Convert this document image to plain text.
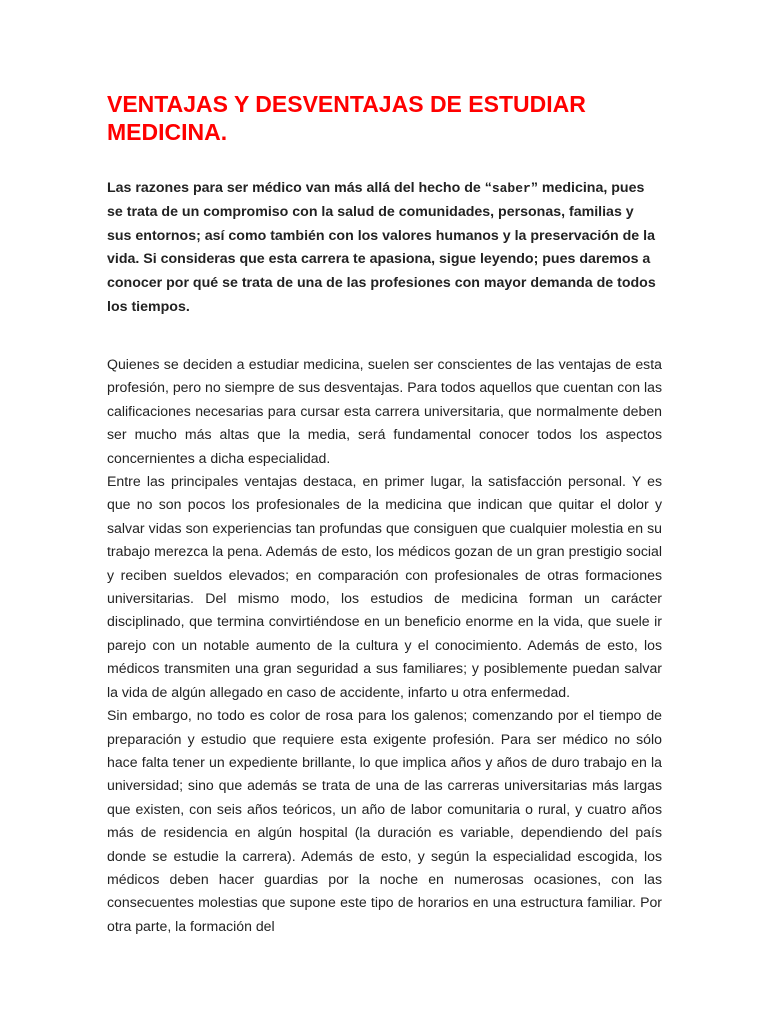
VENTAJAS Y DESVENTAJAS DE ESTUDIAR MEDICINA.

Las razones para ser médico van más allá del hecho de “saber” medicina, pues se trata de un compromiso con la salud de comunidades, personas, familias y sus entornos; así como también con los valores humanos y la preservación de la vida. Si consideras que esta carrera te apasiona, sigue leyendo; pues daremos a conocer por qué se trata de una de las profesiones con mayor demanda de todos los tiempos.

Quienes se deciden a estudiar medicina, suelen ser conscientes de las ventajas de esta profesión, pero no siempre de sus desventajas. Para todos aquellos que cuentan con las calificaciones necesarias para cursar esta carrera universitaria, que normalmente deben ser mucho más altas que la media, será fundamental conocer todos los aspectos concernientes a dicha especialidad.

Entre las principales ventajas destaca, en primer lugar, la satisfacción personal. Y es que no son pocos los profesionales de la medicina que indican que quitar el dolor y salvar vidas son experiencias tan profundas que consiguen que cualquier molestia en su trabajo merezca la pena. Además de esto, los médicos gozan de un gran prestigio social y reciben sueldos elevados; en comparación con profesionales de otras formaciones universitarias. Del mismo modo, los estudios de medicina forman un carácter disciplinado, que termina convirtiéndose en un beneficio enorme en la vida, que suele ir parejo con un notable aumento de la cultura y el conocimiento. Además de esto, los médicos transmiten una gran seguridad a sus familiares; y posiblemente puedan salvar la vida de algún allegado en caso de accidente, infarto u otra enfermedad.

Sin embargo, no todo es color de rosa para los galenos; comenzando por el tiempo de preparación y estudio que requiere esta exigente profesión. Para ser médico no sólo hace falta tener un expediente brillante, lo que implica años y años de duro trabajo en la universidad; sino que además se trata de una de las carreras universitarias más largas que existen, con seis años teóricos, un año de labor comunitaria o rural, y cuatro años más de residencia en algún hospital (la duración es variable, dependiendo del país donde se estudie la carrera). Además de esto, y según la especialidad escogida, los médicos deben hacer guardias por la noche en numerosas ocasiones, con las consecuentes molestias que supone este tipo de horarios en una estructura familiar. Por otra parte, la formación del
